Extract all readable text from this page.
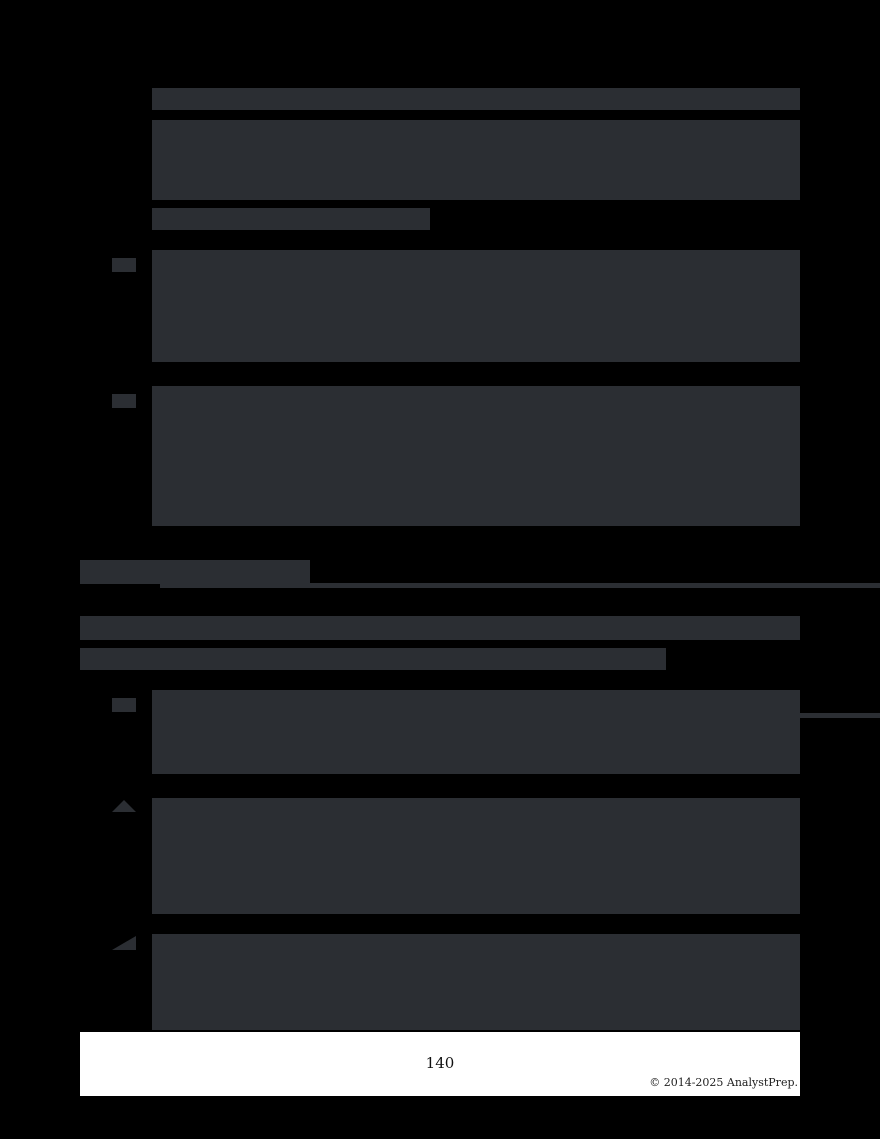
140
© 2014-2025 AnalystPrep.
